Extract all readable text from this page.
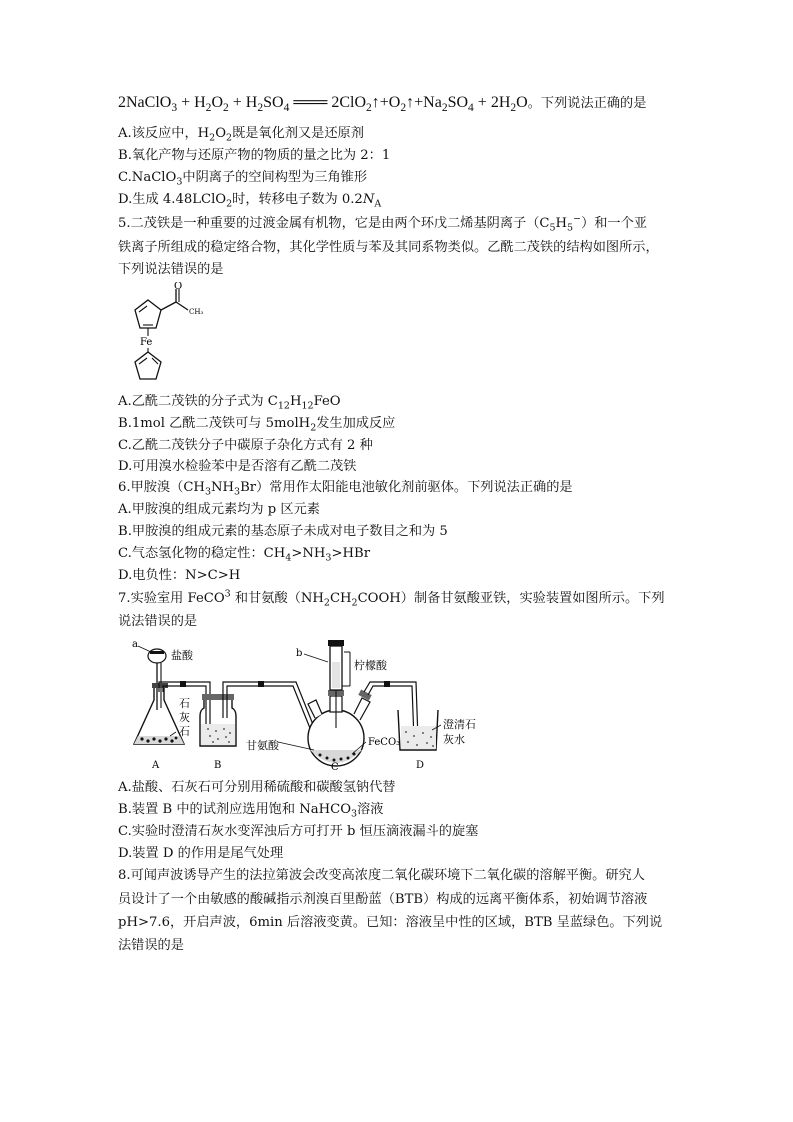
2NaClO$_3$ + $H_2O_2 + H_2SO_4$ ═══ $2ClO_2↑+O_2↑+Na_2SO_4 + 2H_2O$。下列说法正确的是
A.该反应中，$H_2O_2$既是氧化剂又是还原剂
B.氧化产物与还原产物的物质的量之比为 2：1
C.NaClO$_3$中阴离子的空间构型为三角锥形
D.生成 4.48LClO$_2$时，转移电子数为 $0.2N_A$
5.二茂铁是一种重要的过渡金属有机物，它是由两个环戊二烯基阴离子$(C_5H_5^-)$和一个亚
铁离子所组成的稳定络合物，其化学性质与苯及其同系物类似。乙酰二茂铁的结构如图所示，
下列说法错误的是
O
CH₃
Fe
A.乙酰二茂铁的分子式为 $C_{12}H_{12}FeO$
B.1mol 乙酰二茂铁可与 5molH$_2$发生加成反应
C.乙酰二茂铁分子中碳原子杂化方式有 2 种
D.可用溴水检验苯中是否溶有乙酰二茂铁
6.甲胺溴$(CH_3NH_3Br)$常用作太阳能电池敏化剂前驱体。下列说法正确的是
A.甲胺溴的组成元素均为 p 区元素
B.甲胺溴的组成元素的基态原子未成对电子数目之和为 5
C.气态氢化物的稳定性：$CH_4>NH_3>HBr$
D.电负性：N>C>H
7.实验室用 FeCO$^3$ 和甘氨酸$(NH_2CH_2COOH)$制备甘氨酸亚铁，实验装置如图所示。下列
说法错误的是
a
盐酸
石
灰
石
A	B
b
柠檬酸
甘氨酸	FeCO₃
C
澄清石
灰水
D
A.盐酸、石灰石可分别用稀硫酸和碳酸氢钠代替
B.装置 B 中的试剂应选用饱和 NaHCO$_3$溶液
C.实验时澄清石灰水变浑浊后方可打开 b 恒压滴液漏斗的旋塞
D.装置 D 的作用是尾气处理
8.可闻声波诱导产生的法拉第波会改变高浓度二氧化碳环境下二氧化碳的溶解平衡。研究人
员设计了一个由敏感的酸碱指示剂溴百里酚蓝（BTB）构成的远离平衡体系，初始调节溶液
pH>7.6，开启声波，6min 后溶液变黄。已知：溶液呈中性的区域，BTB 呈蓝绿色。下列说
法错误的是
